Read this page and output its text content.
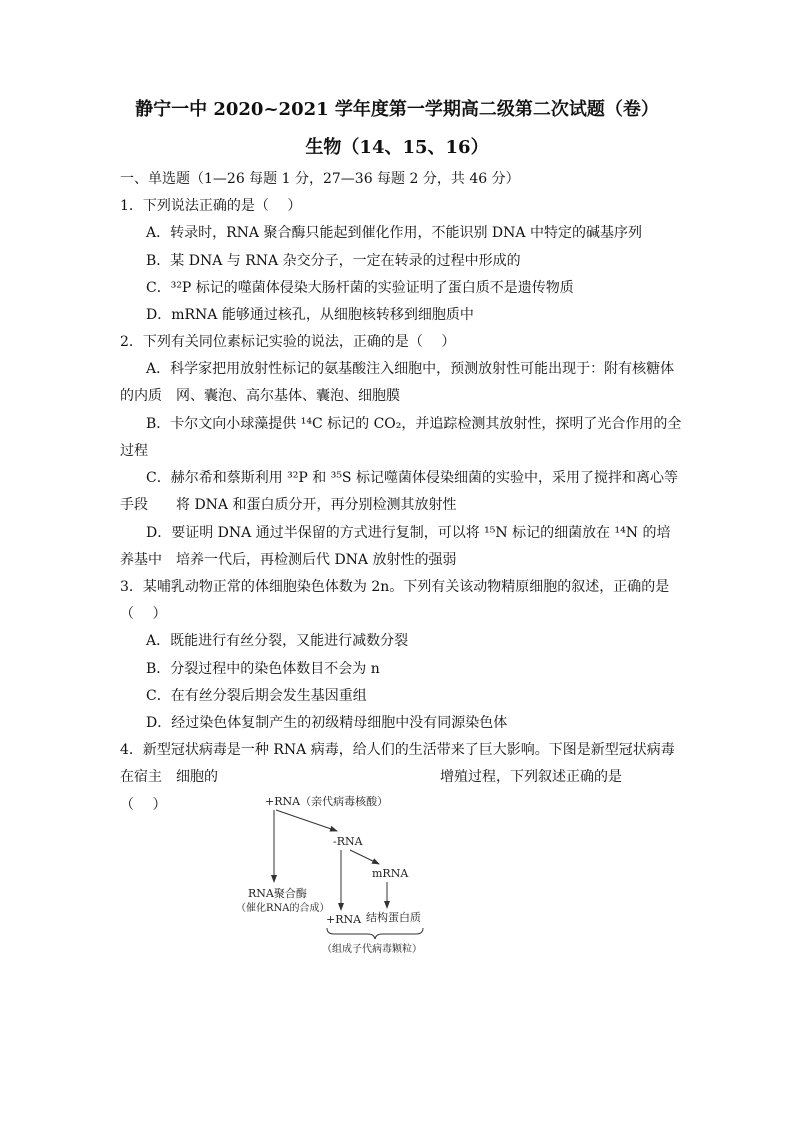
静宁一中 2020~2021 学年度第一学期高二级第二次试题（卷）
生物（14、15、16）
一、单选题（1—26 每题 1 分，27—36 每题 2 分，共 46 分）
1．下列说法正确的是（　 ）
A．转录时，RNA 聚合酶只能起到催化作用，不能识别 DNA 中特定的碱基序列
B．某 DNA 与 RNA 杂交分子，一定在转录的过程中形成的
C．³²P 标记的噬菌体侵染大肠杆菌的实验证明了蛋白质不是遗传物质
D．mRNA 能够通过核孔，从细胞核转移到细胞质中
2．下列有关同位素标记实验的说法，正确的是（　 ）
A．科学家把用放射性标记的氨基酸注入细胞中，预测放射性可能出现于：附有核糖体
的内质　网、囊泡、高尔基体、囊泡、细胞膜
B．卡尔文向小球藻提供 ¹⁴C 标记的 CO₂，并追踪检测其放射性，探明了光合作用的全
过程
C．赫尔希和蔡斯利用 ³²P 和 ³⁵S 标记噬菌体侵染细菌的实验中，采用了搅拌和离心等
手段　　将 DNA 和蛋白质分开，再分别检测其放射性
D．要证明 DNA 通过半保留的方式进行复制，可以将 ¹⁵N 标记的细菌放在 ¹⁴N 的培
养基中　培养一代后，再检测后代 DNA 放射性的强弱
3．某哺乳动物正常的体细胞染色体数为 2n。下列有关该动物精原细胞的叙述，正确的是
（　 ）
A．既能进行有丝分裂，又能进行减数分裂
B．分裂过程中的染色体数目不会为 n
C．在有丝分裂后期会发生基因重组
D．经过染色体复制产生的初级精母细胞中没有同源染色体
4．新型冠状病毒是一种 RNA 病毒，给人们的生活带来了巨大影响。下图是新型冠状病毒
在宿主　细胞的	增殖过程，下列叙述正确的是
（　 ）	+RNA（亲代病毒核酸）
-RNA
mRNA
RNA聚合酶
（催化RNA的合成）
+RNA 结构蛋白质
（组成子代病毒颗粒）
